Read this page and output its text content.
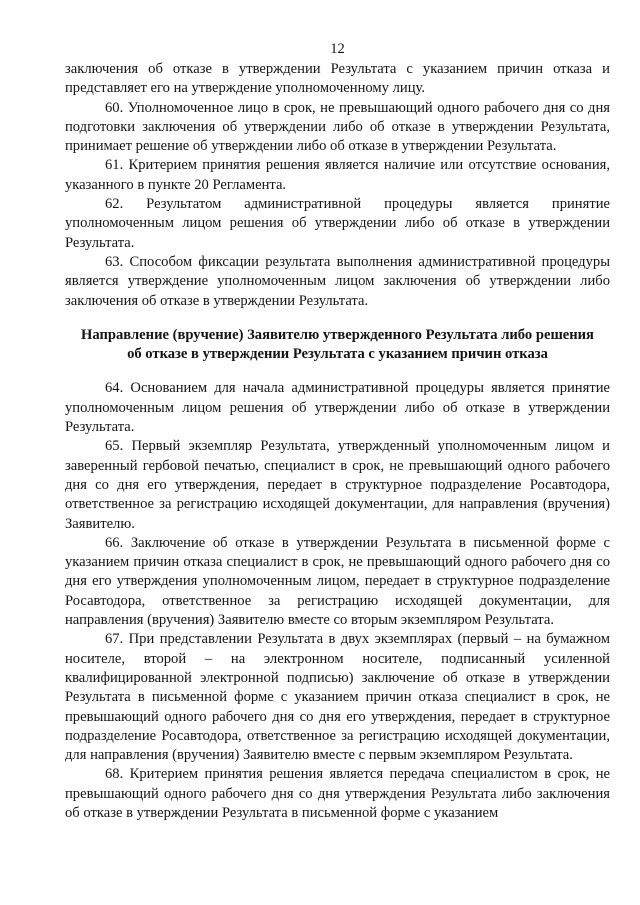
12

заключения об отказе в утверждении Результата с указанием причин отказа и представляет его на утверждение уполномоченному лицу.

60. Уполномоченное лицо в срок, не превышающий одного рабочего дня со дня подготовки заключения об утверждении либо об отказе в утверждении Результата, принимает решение об утверждении либо об отказе в утверждении Результата.

61. Критерием принятия решения является наличие или отсутствие основания, указанного в пункте 20 Регламента.

62. Результатом административной процедуры является принятие уполномоченным лицом решения об утверждении либо об отказе в утверждении Результата.

63. Способом фиксации результата выполнения административной процедуры является утверждение уполномоченным лицом заключения об утверждении либо заключения об отказе в утверждении Результата.

Направление (вручение) Заявителю утвержденного Результата либо решения
об отказе в утверждении Результата с указанием причин отказа

64. Основанием для начала административной процедуры является принятие уполномоченным лицом решения об утверждении либо об отказе в утверждении Результата.

65. Первый экземпляр Результата, утвержденный уполномоченным лицом и заверенный гербовой печатью, специалист в срок, не превышающий одного рабочего дня со дня его утверждения, передает в структурное подразделение Росавтодора, ответственное за регистрацию исходящей документации, для направления (вручения) Заявителю.

66. Заключение об отказе в утверждении Результата в письменной форме с указанием причин отказа специалист в срок, не превышающий одного рабочего дня со дня его утверждения уполномоченным лицом, передает в структурное подразделение Росавтодора, ответственное за регистрацию исходящей документации, для направления (вручения) Заявителю вместе со вторым экземпляром Результата.

67. При представлении Результата в двух экземплярах (первый – на бумажном носителе, второй – на электронном носителе, подписанный усиленной квалифицированной электронной подписью) заключение об отказе в утверждении Результата в письменной форме с указанием причин отказа специалист в срок, не превышающий одного рабочего дня со дня его утверждения, передает в структурное подразделение Росавтодора, ответственное за регистрацию исходящей документации, для направления (вручения) Заявителю вместе с первым экземпляром Результата.

68. Критерием принятия решения является передача специалистом в срок, не превышающий одного рабочего дня со дня утверждения Результата либо заключения об отказе в утверждении Результата в письменной форме с указанием
